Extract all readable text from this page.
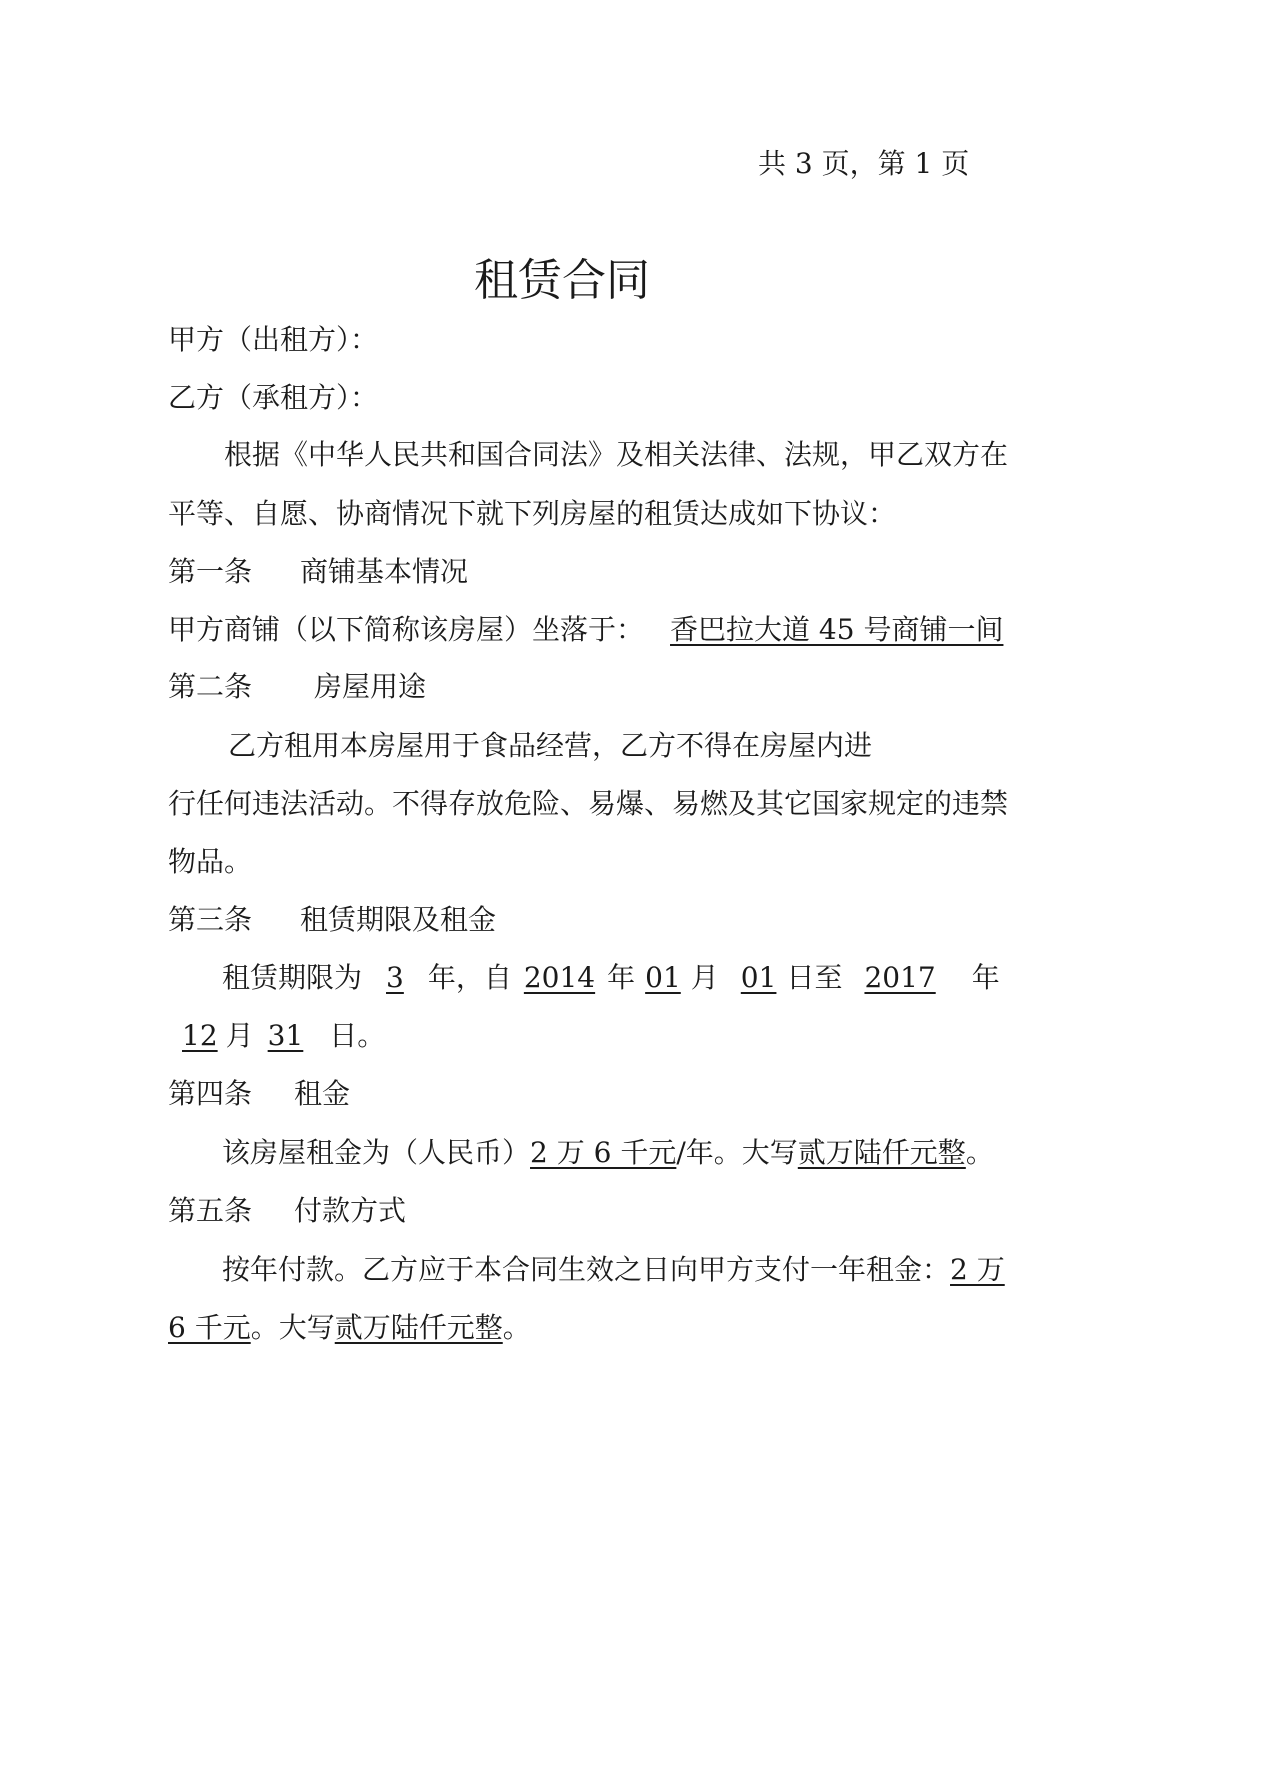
共 3 页，第 1 页
租赁合同
甲方（出租方）：
乙方（承租方）：
根据《中华人民共和国合同法》及相关法律、法规，甲乙双方在
平等、自愿、协商情况下就下列房屋的租赁达成如下协议：
第一条 商铺基本情况
甲方商铺（以下简称该房屋）坐落于： 香巴拉大道 45 号商铺一间
第二条 房屋用途
乙方租用本房屋用于食品经营，乙方不得在房屋内进
行任何违法活动。不得存放危险、易爆、易燃及其它国家规定的违禁
物品。
第三条 租赁期限及租金
租赁期限为 3 年，自 2014 年 01 月 01 日至 2017 年
12 月 31 日。
第四条 租金
该房屋租金为（人民币）2 万 6 千元/年。大写贰万陆仟元整。
第五条 付款方式
按年付款。乙方应于本合同生效之日向甲方支付一年租金：2 万
6 千元。大写贰万陆仟元整。
